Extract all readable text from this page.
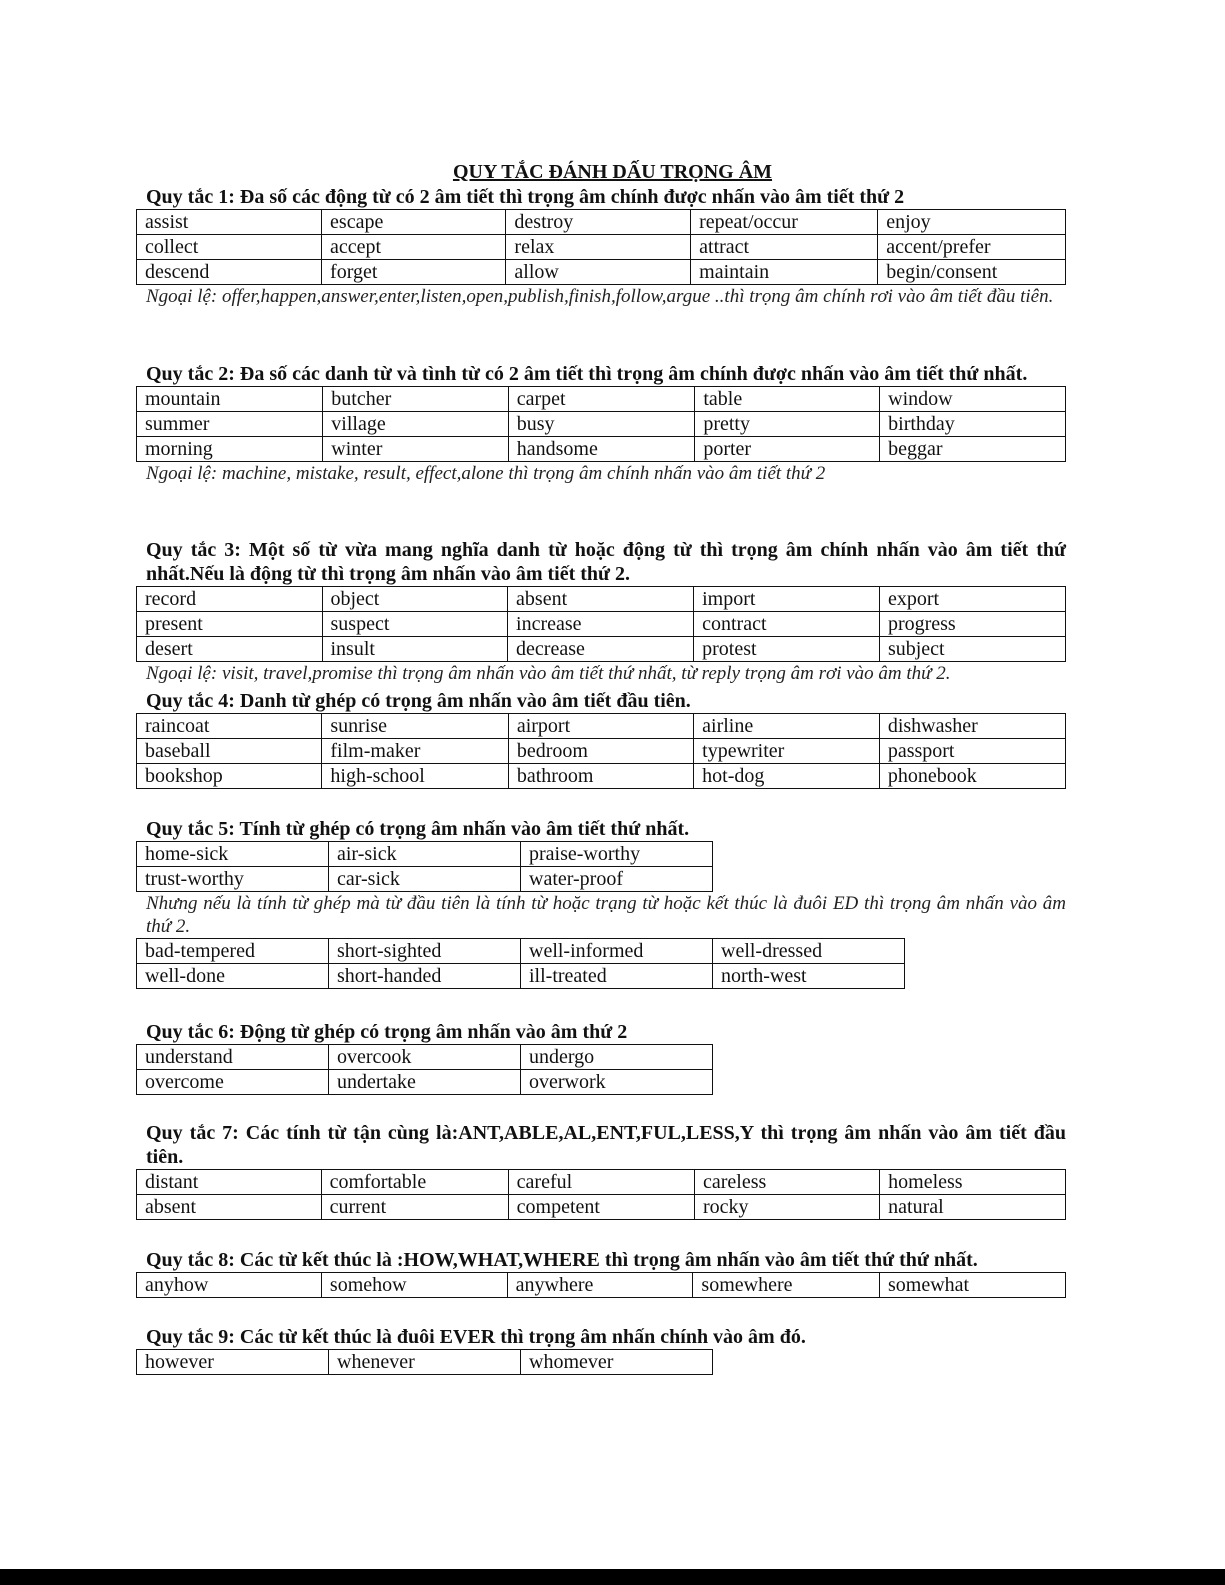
QUY TẮC ĐÁNH DẤU TRỌNG ÂM

Quy tắc 1: Đa số các động từ có 2 âm tiết thì trọng âm chính được nhấn vào âm tiết thứ 2

assist	escape	destroy	repeat/occur	enjoy
collect	accept	relax	attract	accent/prefer
descend	forget	allow	maintain	begin/consent

Ngoại lệ: offer,happen,answer,enter,listen,open,publish,finish,follow,argue ..thì trọng âm chính rơi vào âm tiết đầu tiên.

Quy tắc 2: Đa số các danh từ và tình từ có 2 âm tiết thì trọng âm chính được nhấn vào âm tiết thứ nhất.

mountain	butcher	carpet	table	window
summer	village	busy	pretty	birthday
morning	winter	handsome	porter	beggar

Ngoại lệ: machine, mistake, result, effect,alone thì trọng âm chính nhấn vào âm tiết thứ 2

Quy tắc 3: Một số từ vừa mang nghĩa danh từ hoặc động từ thì trọng âm chính nhấn vào âm tiết thứ nhất.Nếu là động từ thì trọng âm nhấn vào âm tiết thứ 2.

record	object	absent	import	export
present	suspect	increase	contract	progress
desert	insult	decrease	protest	subject

Ngoại lệ: visit, travel,promise thì trọng âm nhấn vào âm tiết thứ nhất, từ reply trọng âm rơi vào âm thứ 2.

Quy tắc 4: Danh từ ghép có trọng âm nhấn vào âm tiết đầu tiên.

raincoat	sunrise	airport	airline	dishwasher
baseball	film-maker	bedroom	typewriter	passport
bookshop	high-school	bathroom	hot-dog	phonebook

Quy tắc 5: Tính từ ghép có trọng âm nhấn vào âm tiết thứ nhất.

home-sick	air-sick	praise-worthy
trust-worthy	car-sick	water-proof

Nhưng nếu là tính từ ghép mà từ đầu tiên là tính từ hoặc trạng từ hoặc kết thúc là đuôi ED thì trọng âm nhấn vào âm thứ 2.

bad-tempered	short-sighted	well-informed	well-dressed
well-done	short-handed	ill-treated	north-west

Quy tắc 6: Động từ ghép có trọng âm nhấn vào âm thứ 2

understand	overcook	undergo
overcome	undertake	overwork

Quy tắc 7: Các tính từ tận cùng là:ANT,ABLE,AL,ENT,FUL,LESS,Y thì trọng âm nhấn vào âm tiết đầu tiên.

distant	comfortable	careful	careless	homeless
absent	current	competent	rocky	natural

Quy tắc 8: Các từ kết thúc là :HOW,WHAT,WHERE thì trọng âm nhấn vào âm tiết thứ thứ nhất.

anyhow	somehow	anywhere	somewhere	somewhat

Quy tắc 9: Các từ kết thúc là đuôi EVER thì trọng âm nhấn chính vào âm đó.

however	whenever	whomever
